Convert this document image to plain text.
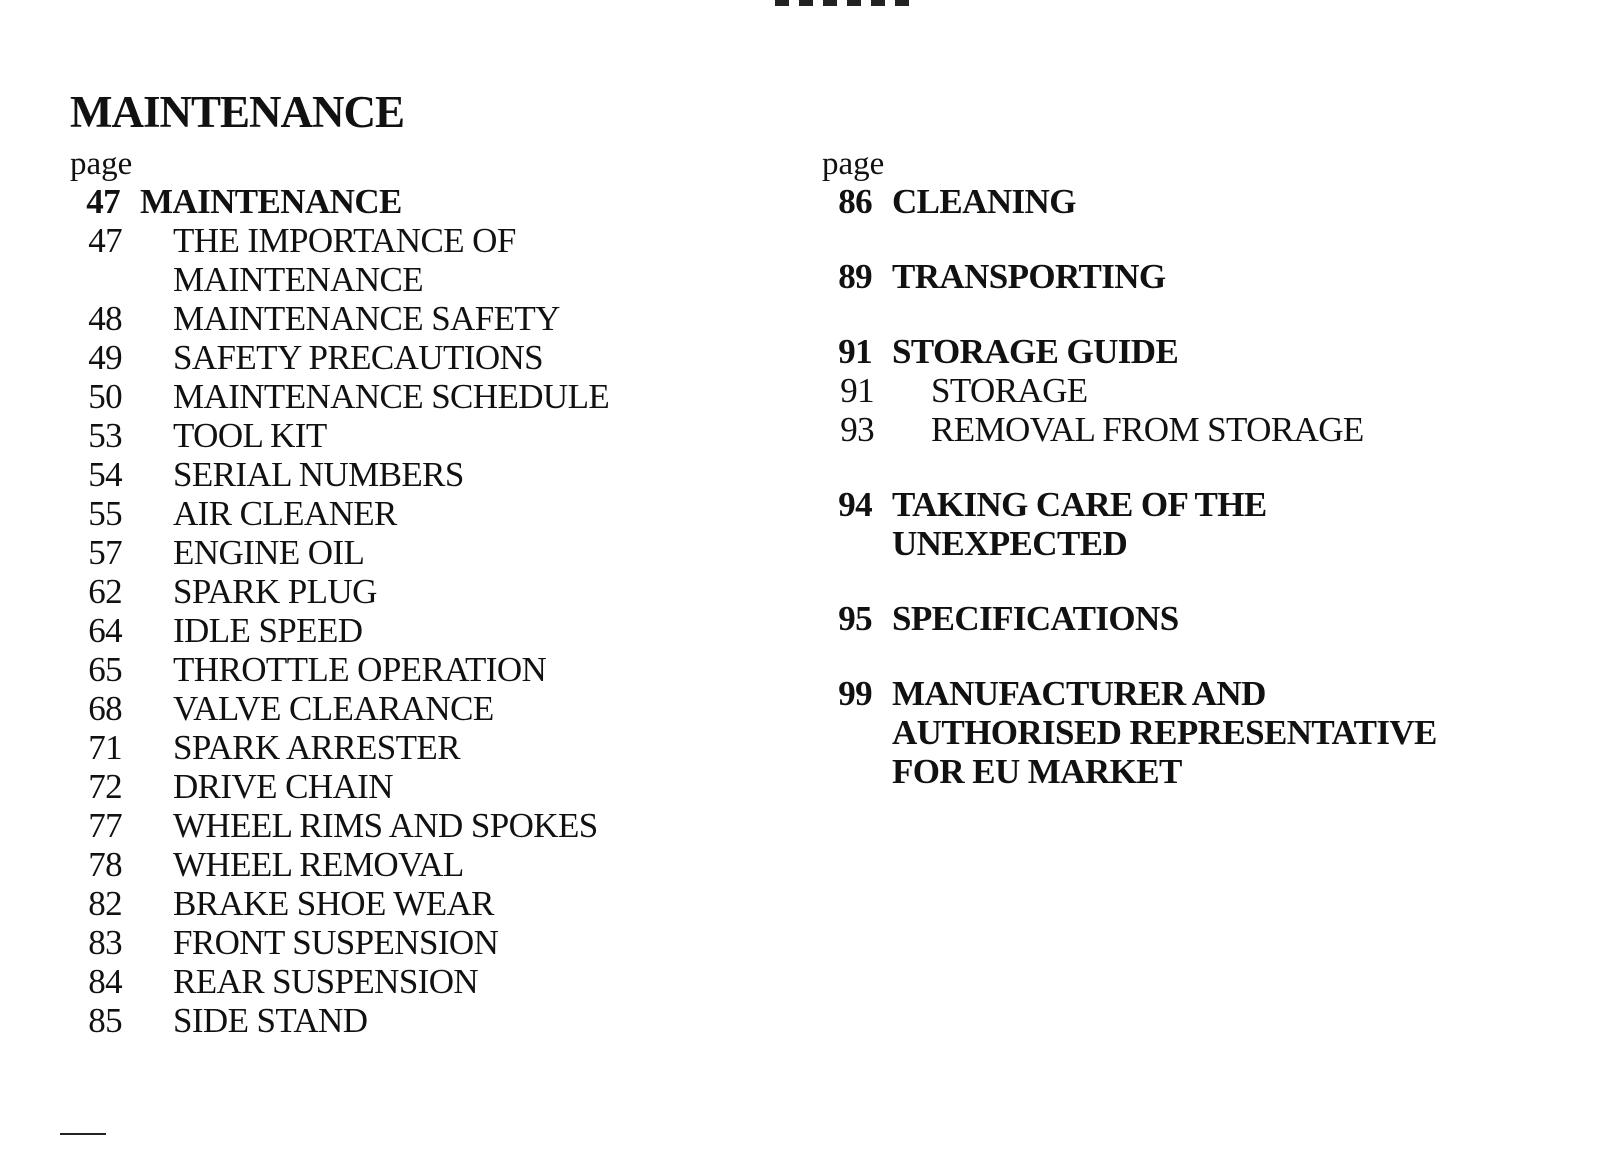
MAINTENANCE
page
47 MAINTENANCE
47	THE IMPORTANCE OF
MAINTENANCE
48	MAINTENANCE SAFETY
49	SAFETY PRECAUTIONS
50	MAINTENANCE SCHEDULE
53	TOOL KIT
54	SERIAL NUMBERS
55	AIR CLEANER
57	ENGINE OIL
62	SPARK PLUG
64	IDLE SPEED
65	THROTTLE OPERATION
68	VALVE CLEARANCE
71	SPARK ARRESTER
72	DRIVE CHAIN
77	WHEEL RIMS AND SPOKES
78	WHEEL REMOVAL
82	BRAKE SHOE WEAR
83	FRONT SUSPENSION
84	REAR SUSPENSION
85	SIDE STAND
page
86 CLEANING
89 TRANSPORTING
91 STORAGE GUIDE
91	STORAGE
93	REMOVAL FROM STORAGE
94 TAKING CARE OF THE
UNEXPECTED
95 SPECIFICATIONS
99 MANUFACTURER AND
AUTHORISED REPRESENTATIVE
FOR EU MARKET
